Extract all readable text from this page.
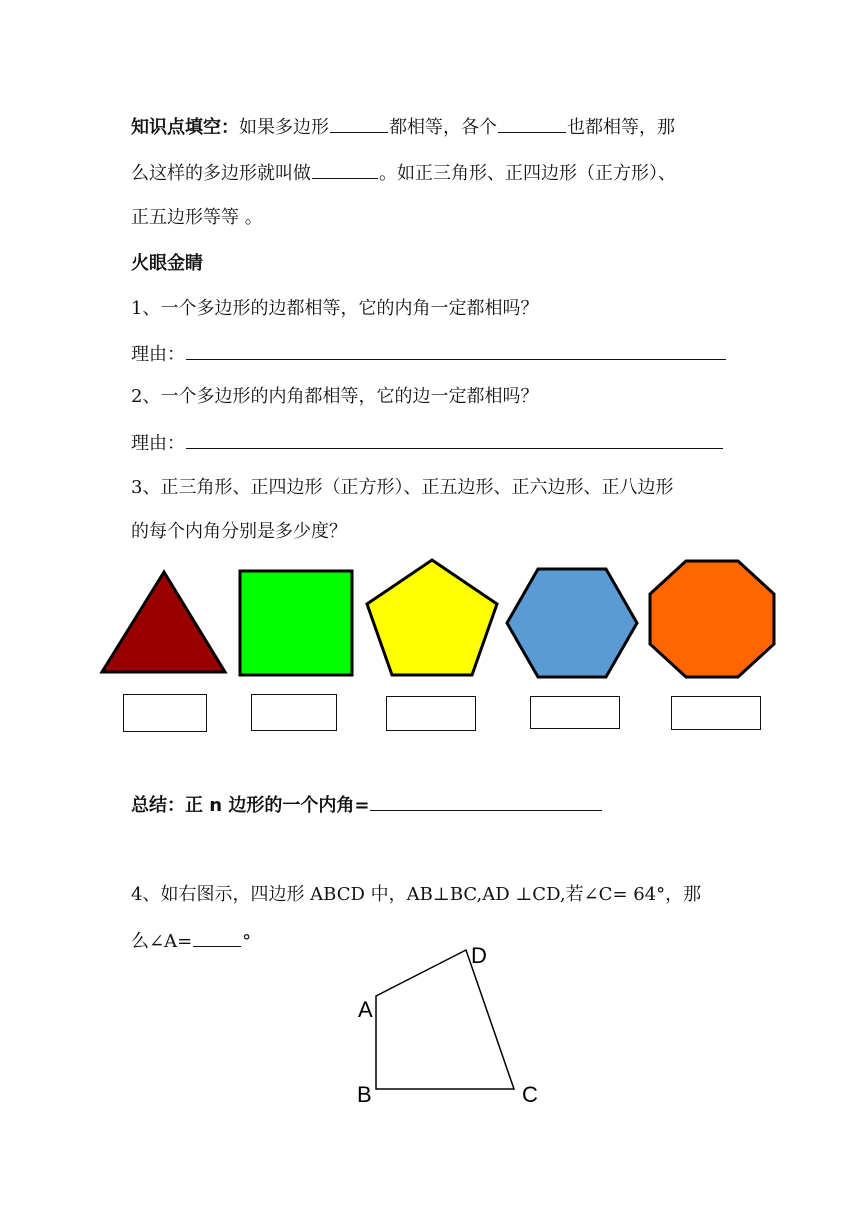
知识点填空：如果多边形	都相等，各个	也都相等，那
么这样的多边形就叫做	。如正三角形、正四边形（正方形）、
正五边形等等 。
火眼金睛
1、一个多边形的边都相等，它的内角一定都相吗？
理由：
2、一个多边形的内角都相等，它的边一定都相吗？
理由：
3、正三角形、正四边形（正方形）、正五边形、正六边形、正八边形
的每个内角分别是多少度？
总结：正 n 边形的一个内角=
4、如右图示，四边形 ABCD 中，AB⊥BC,AD ⊥CD,若∠C= 64°，那
么∠A=	°
A
B	C
D
